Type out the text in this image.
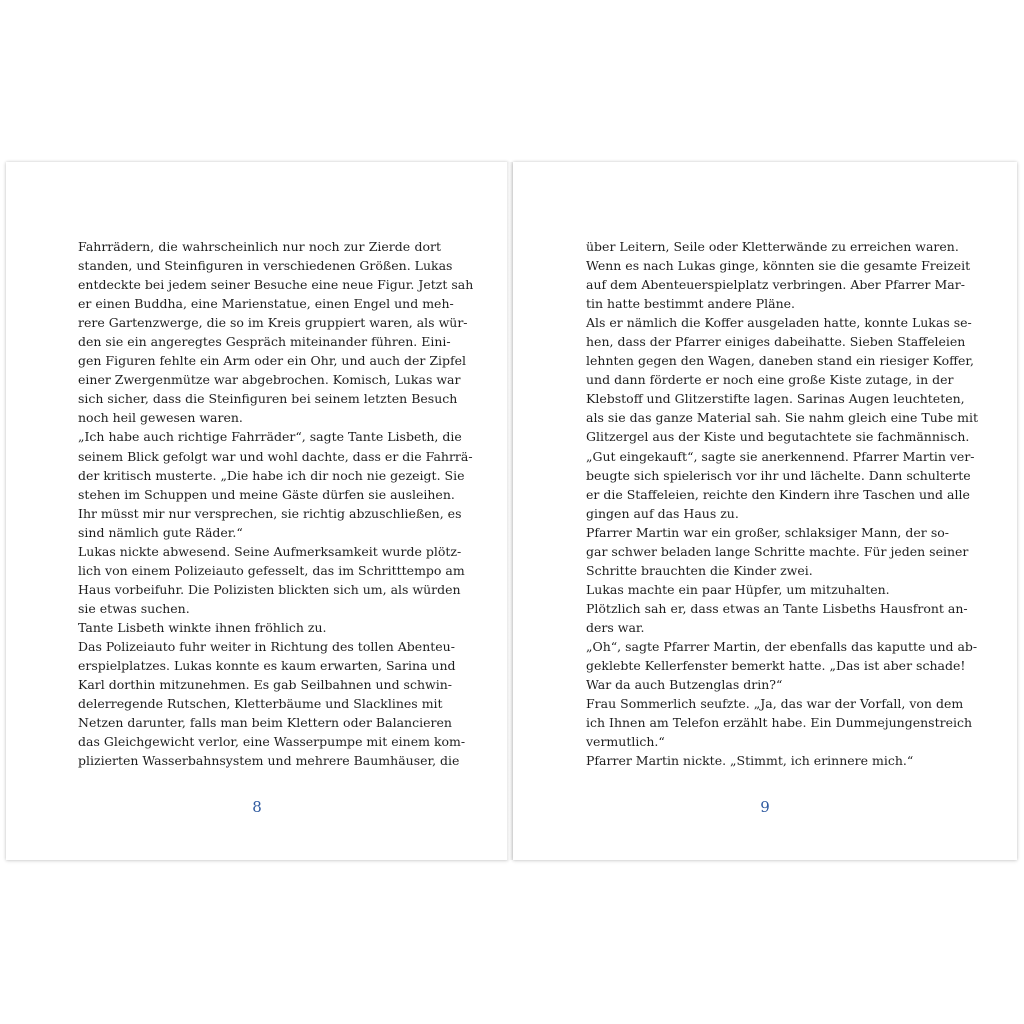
Fahrrädern, die wahrscheinlich nur noch zur Zierde dort
standen, und Steinfiguren in verschiedenen Größen. Lukas
entdeckte bei jedem seiner Besuche eine neue Figur. Jetzt sah
er einen Buddha, eine Marienstatue, einen Engel und meh-
rere Gartenzwerge, die so im Kreis gruppiert waren, als wür-
den sie ein angeregtes Gespräch miteinander führen. Eini-
gen Figuren fehlte ein Arm oder ein Ohr, und auch der Zipfel
einer Zwergenmütze war abgebrochen. Komisch, Lukas war
sich sicher, dass die Steinfiguren bei seinem letzten Besuch
noch heil gewesen waren.
„Ich habe auch richtige Fahrräder“, sagte Tante Lisbeth, die
seinem Blick gefolgt war und wohl dachte, dass er die Fahrrä-
der kritisch musterte. „Die habe ich dir noch nie gezeigt. Sie
stehen im Schuppen und meine Gäste dürfen sie ausleihen.
Ihr müsst mir nur versprechen, sie richtig abzuschließen, es
sind nämlich gute Räder.“
Lukas nickte abwesend. Seine Aufmerksamkeit wurde plötz-
lich von einem Polizeiauto gefesselt, das im Schritttempo am
Haus vorbeifuhr. Die Polizisten blickten sich um, als würden
sie etwas suchen.
Tante Lisbeth winkte ihnen fröhlich zu.
Das Polizeiauto fuhr weiter in Richtung des tollen Abenteu-
erspielplatzes. Lukas konnte es kaum erwarten, Sarina und
Karl dorthin mitzunehmen. Es gab Seilbahnen und schwin-
delerregende Rutschen, Kletterbäume und Slacklines mit
Netzen darunter, falls man beim Klettern oder Balancieren
das Gleichgewicht verlor, eine Wasserpumpe mit einem kom-
plizierten Wasserbahnsystem und mehrere Baumhäuser, die
8
über Leitern, Seile oder Kletterwände zu erreichen waren.
Wenn es nach Lukas ginge, könnten sie die gesamte Freizeit
auf dem Abenteuerspielplatz verbringen. Aber Pfarrer Mar-
tin hatte bestimmt andere Pläne.
Als er nämlich die Koffer ausgeladen hatte, konnte Lukas se-
hen, dass der Pfarrer einiges dabeihatte. Sieben Staffeleien
lehnten gegen den Wagen, daneben stand ein riesiger Koffer,
und dann förderte er noch eine große Kiste zutage, in der
Klebstoff und Glitzerstifte lagen. Sarinas Augen leuchteten,
als sie das ganze Material sah. Sie nahm gleich eine Tube mit
Glitzergel aus der Kiste und begutachtete sie fachmännisch.
„Gut eingekauft“, sagte sie anerkennend. Pfarrer Martin ver-
beugte sich spielerisch vor ihr und lächelte. Dann schulterte
er die Staffeleien, reichte den Kindern ihre Taschen und alle
gingen auf das Haus zu.
Pfarrer Martin war ein großer, schlaksiger Mann, der so-
gar schwer beladen lange Schritte machte. Für jeden seiner
Schritte brauchten die Kinder zwei.
Lukas machte ein paar Hüpfer, um mitzuhalten.
Plötzlich sah er, dass etwas an Tante Lisbeths Hausfront an-
ders war.
„Oh“, sagte Pfarrer Martin, der ebenfalls das kaputte und ab-
geklebte Kellerfenster bemerkt hatte. „Das ist aber schade!
War da auch Butzenglas drin?“
Frau Sommerlich seufzte. „Ja, das war der Vorfall, von dem
ich Ihnen am Telefon erzählt habe. Ein Dummejungenstreich
vermutlich.“
Pfarrer Martin nickte. „Stimmt, ich erinnere mich.“
9
